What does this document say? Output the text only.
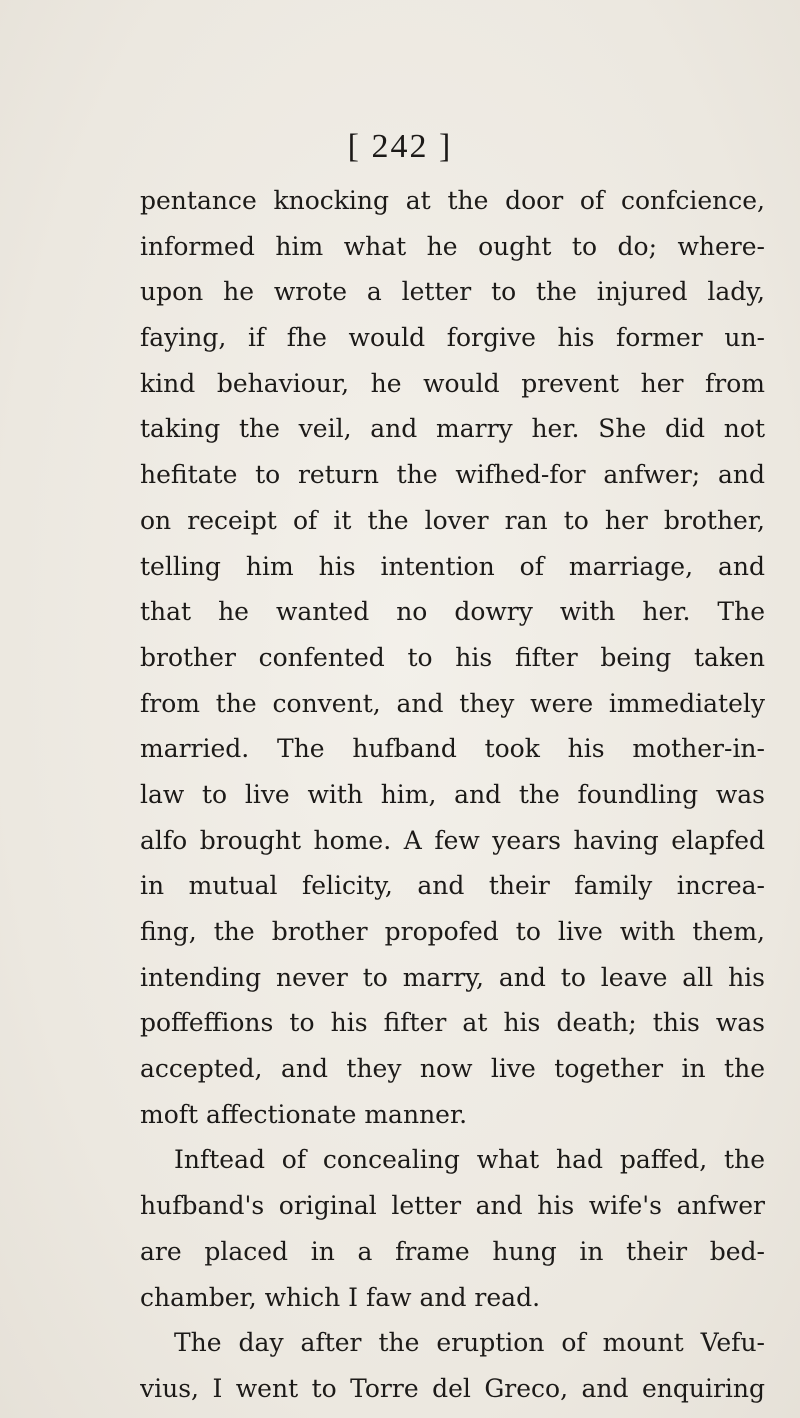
[ 242 ]
pentance knocking at the door of confcience,
informed him what he ought to do; where-
upon he wrote a letter to the injured lady,
faying, if fhe would forgive his former un-
kind behaviour, he would prevent her from
taking the veil, and marry her. She did not
hefitate to return the wifhed-for anfwer; and
on receipt of it the lover ran to her brother,
telling him his intention of marriage, and
that he wanted no dowry with her. The
brother confented to his fifter being taken
from the convent, and they were immediately
married. The hufband took his mother-in-
law to live with him, and the foundling was
alfo brought home. A few years having elapfed
in mutual felicity, and their family increa-
fing, the brother propofed to live with them,
intending never to marry, and to leave all his
poffeffions to his fifter at his death; this was
accepted, and they now live together in the
moft affectionate manner.
Inftead of concealing what had paffed, the
hufband's original letter and his wife's anfwer
are placed in a frame hung in their bed-
chamber, which I faw and read.
The day after the eruption of mount Vefu-
vius, I went to Torre del Greco, and enquiring
